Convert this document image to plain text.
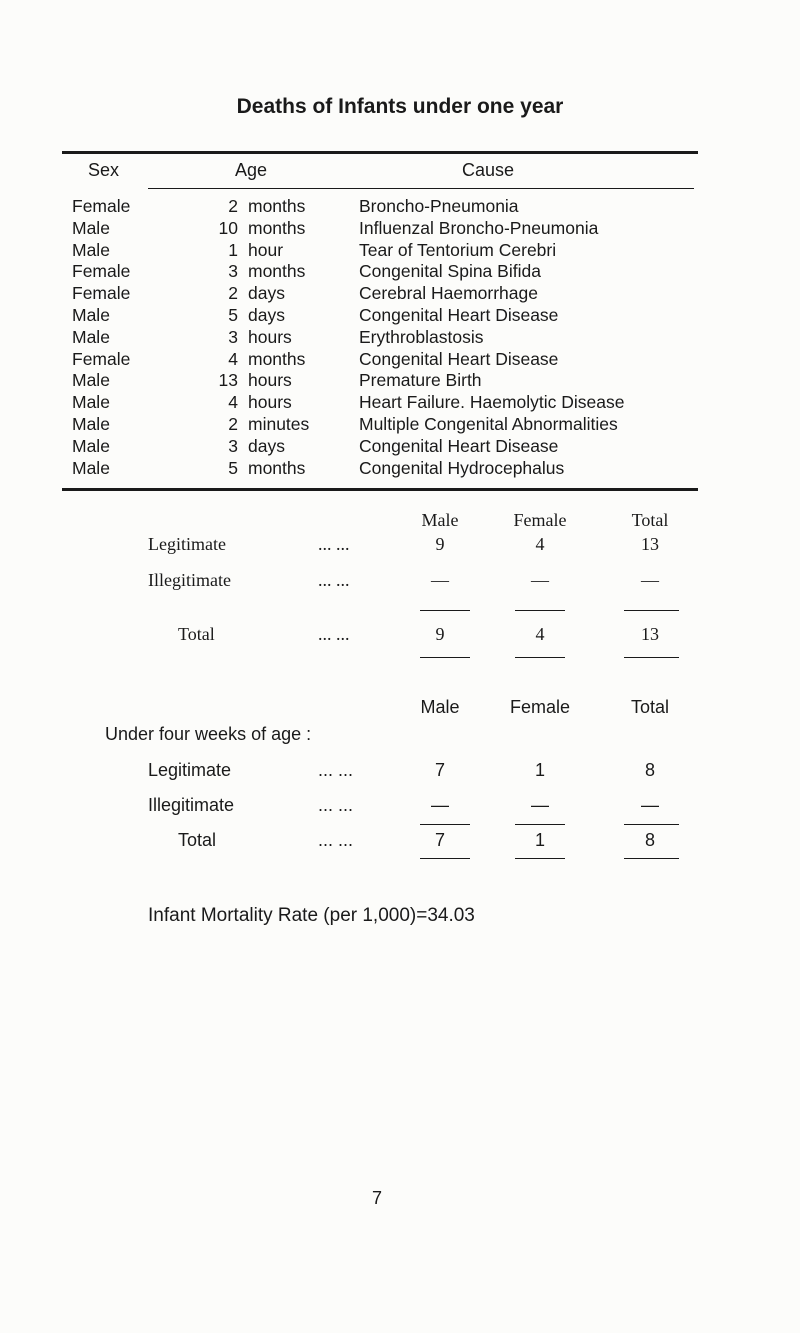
Deaths of Infants under one year
Sex	Age	Cause
Female	2	months	Broncho-Pneumonia
Male	10	months	Influenzal Broncho-Pneumonia
Male	1	hour	Tear of Tentorium Cerebri
Female	3	months	Congenital Spina Bifida
Female	2	days	Cerebral Haemorrhage
Male	5	days	Congenital Heart Disease
Male	3	hours	Erythroblastosis
Female	4	months	Congenital Heart Disease
Male	13	hours	Premature Birth
Male	4	hours	Heart Failure. Haemolytic Disease
Male	2	minutes	Multiple Congenital Abnormalities
Male	3	days	Congenital Heart Disease
Male	5	months	Congenital Hydrocephalus
Male	Female	Total
Legitimate	... ...	9	4	13
Illegitimate	... ...	—	—	—
Total	... ...	9	4	13
Male	Female	Total
Under four weeks of age :
Legitimate	... ...	7	1	8
Illegitimate	... ...	—	—	—
Total	... ...	7	1	8
Infant Mortality Rate (per 1,000)=34.03
7
